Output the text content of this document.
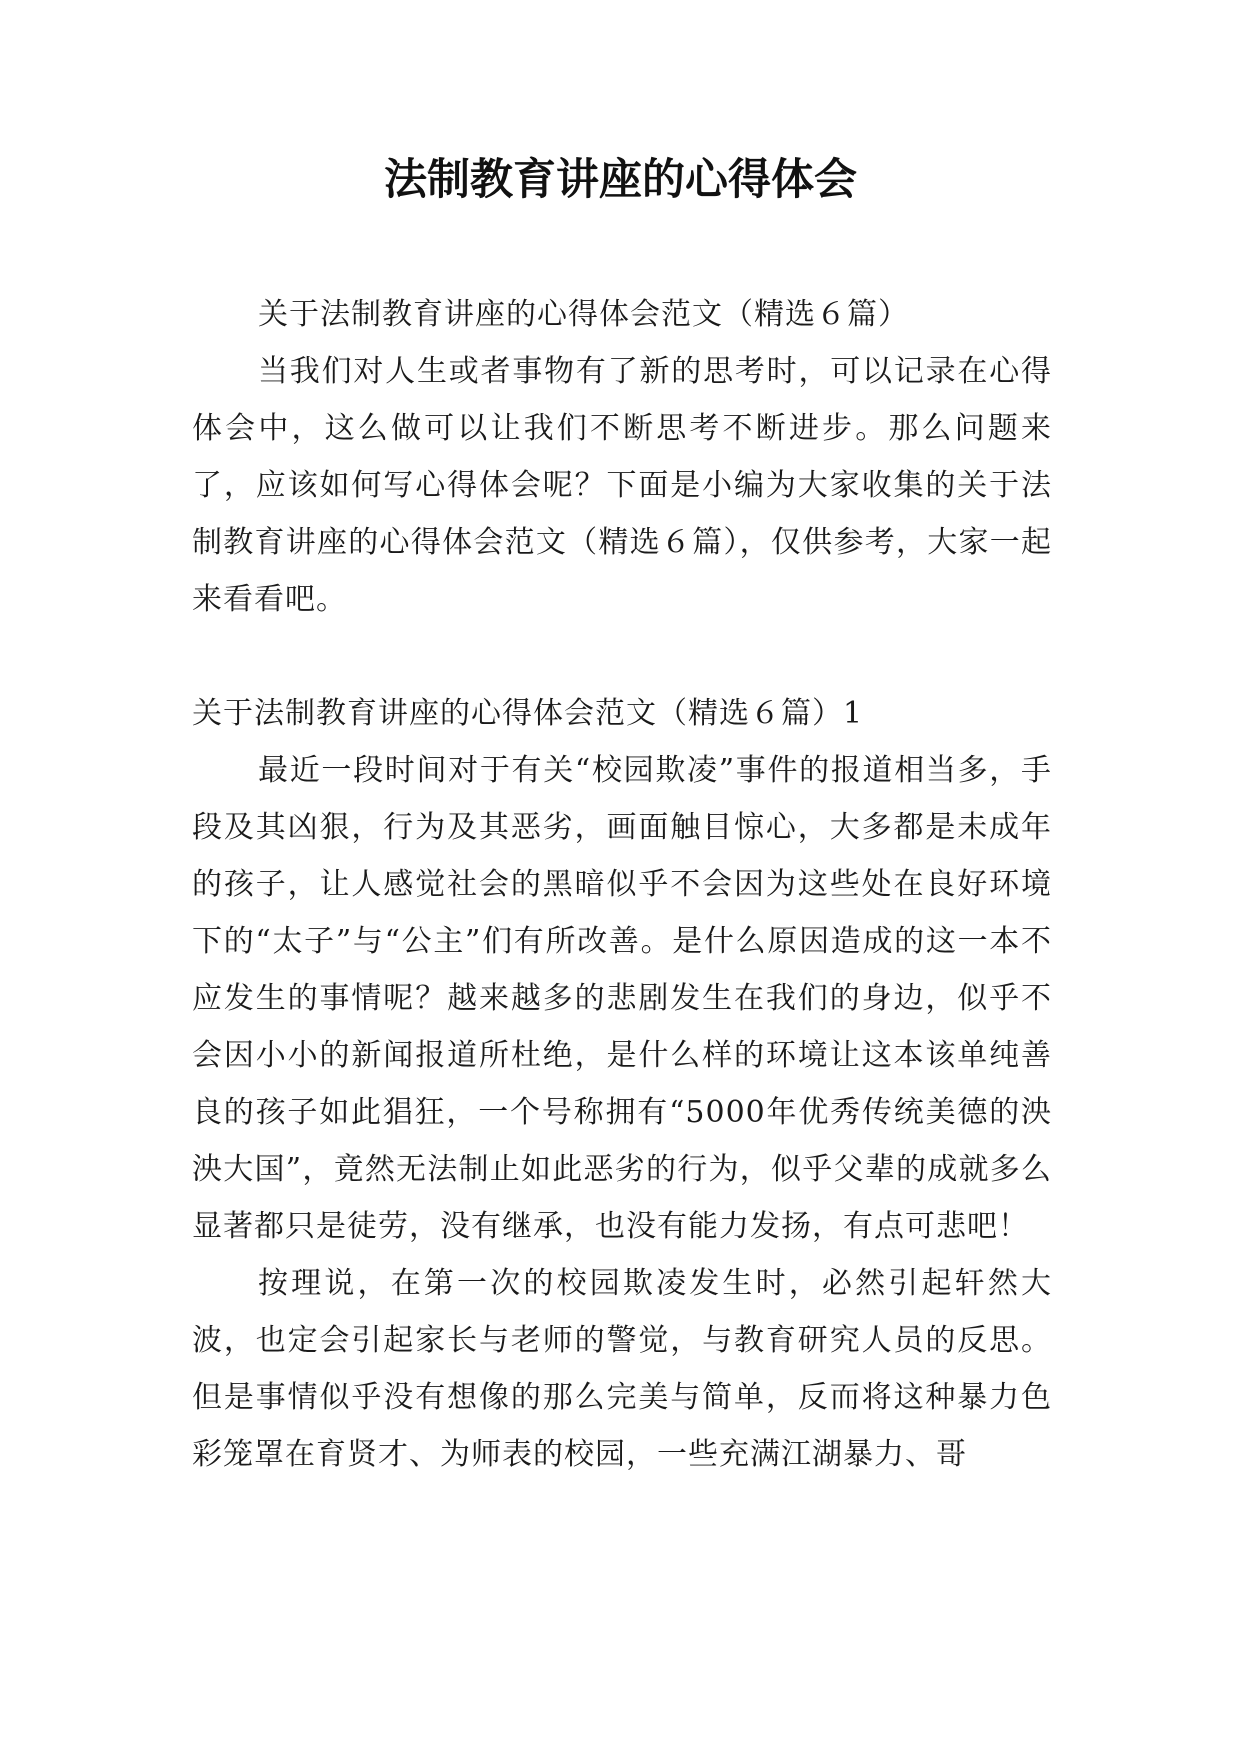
法制教育讲座的心得体会

关于法制教育讲座的心得体会范文（精选６篇）

当我们对人生或者事物有了新的思考时，可以记录在心得体会中，这么做可以让我们不断思考不断进步。那么问题来了，应该如何写心得体会呢？下面是小编为大家收集的关于法制教育讲座的心得体会范文（精选６篇），仅供参考，大家一起来看看吧。

关于法制教育讲座的心得体会范文（精选６篇）1

最近一段时间对于有关“校园欺凌”事件的报道相当多，手段及其凶狠，行为及其恶劣，画面触目惊心，大多都是未成年的孩子，让人感觉社会的黑暗似乎不会因为这些处在良好环境下的“太子”与“公主”们有所改善。是什么原因造成的这一本不应发生的事情呢？越来越多的悲剧发生在我们的身边，似乎不会因小小的新闻报道所杜绝，是什么样的环境让这本该单纯善良的孩子如此猖狂，一个号称拥有“5000年优秀传统美德的泱泱大国”，竟然无法制止如此恶劣的行为，似乎父辈的成就多么显著都只是徒劳，没有继承，也没有能力发扬，有点可悲吧！

按理说，在第一次的校园欺凌发生时，必然引起轩然大波，也定会引起家长与老师的警觉，与教育研究人员的反思。但是事情似乎没有想像的那么完美与简单，反而将这种暴力色彩笼罩在育贤才、为师表的校园，一些充满江湖暴力、哥
